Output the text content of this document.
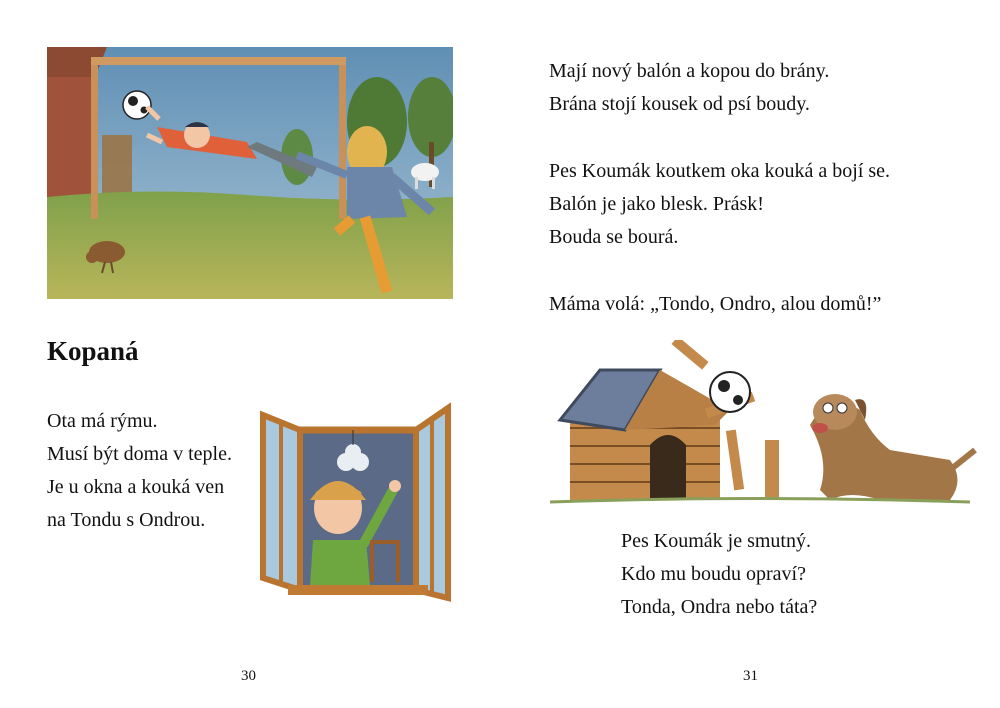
Kopaná
Ota má rýmu.
Musí být doma v teple.
Je u okna a kouká ven
na Tondu s Ondrou.
30
Mají nový balón a kopou do brány.
Brána stojí kousek od psí boudy.
Pes Koumák koutkem oka kouká a bojí se.
Balón je jako blesk. Prásk!
Bouda se bourá.
Máma volá: „Tondo, Ondro, alou domů!”
Pes Koumák je smutný.
Kdo mu boudu opraví?
Tonda, Ondra nebo táta?
31
